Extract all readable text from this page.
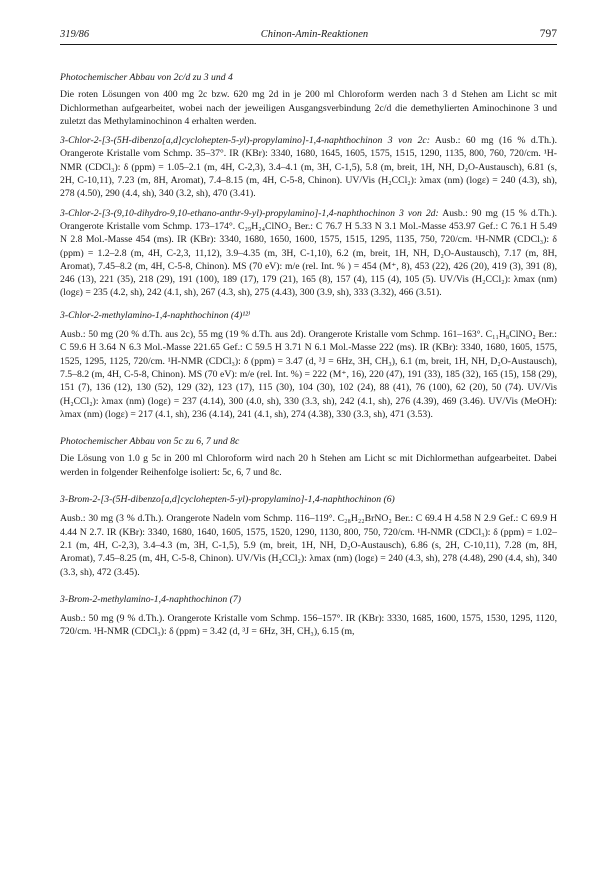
319/86	Chinon-Amin-Reaktionen	797

Photochemischer Abbau von 2c/d zu 3 und 4

Die roten Lösungen von 400 mg 2c bzw. 620 mg 2d in je 200 ml Chloroform werden nach 3 d Stehen am Licht sc mit Dichlormethan aufgearbeitet, wobei nach der jeweiligen Ausgangsverbindung 2c/d die demethylierten Aminochinone 3 und zuletzt das Methylaminochinon 4 erhalten werden.

3-Chlor-2-[3-(5H-dibenzo[a,d]cyclohepten-5-yl)-propylamino]-1,4-naphthochinon 3 von 2c: Ausb.: 60 mg (16 % d.Th.). Orangerote Kristalle vom Schmp. 35–37°. IR (KBr): 3340, 1680, 1645, 1605, 1575, 1515, 1290, 1135, 800, 760, 720/cm. ¹H-NMR (CDCl₃): δ (ppm) = 1.05–2.1 (m, 4H, C-2,3), 3.4–4.1 (m, 3H, C-1,5), 5.8 (m, breit, 1H, NH, D₂O-Austausch), 6.81 (s, 2H, C-10,11), 7.23 (m, 8H, Aromat), 7.4–8.15 (m, 4H, C-5-8, Chinon). UV/Vis (H₂CCl₂): λmax (nm) (logε) = 240 (4.3), sh), 278 (4.50), 290 (4.4, sh), 340 (3.2, sh), 470 (3.41).

3-Chlor-2-[3-(9,10-dihydro-9,10-ethano-anthr-9-yl)-propylamino]-1,4-naphthochinon 3 von 2d: Ausb.: 90 mg (15 % d.Th.). Orangerote Kristalle vom Schmp. 173–174°. C₂₉H₂₄ClNO₂ Ber.: C 76.7 H 5.33 N 3.1 Mol.-Masse 453.97 Gef.: C 76.1 H 5.49 N 2.8 Mol.-Masse 454 (ms). IR (KBr): 3340, 1680, 1650, 1600, 1575, 1515, 1295, 1135, 750, 720/cm. ¹H-NMR (CDCl₃): δ (ppm) = 1.2–2.8 (m, 4H, C-2,3, 11,12), 3.9–4.35 (m, 3H, C-1,10), 6.2 (m, breit, 1H, NH, D₂O-Austausch), 7.17 (m, 8H, Aromat), 7.45–8.2 (m, 4H, C-5-8, Chinon). MS (70 eV): m/e (rel. Int. % ) = 454 (M⁺, 8), 453 (22), 426 (20), 419 (3), 391 (8), 246 (13), 221 (35), 218 (29), 191 (100), 189 (17), 179 (21), 165 (8), 157 (4), 115 (4), 105 (5). UV/Vis (H₂CCl₂): λmax (nm) (logε) = 235 (4.2, sh), 242 (4.1, sh), 267 (4.3, sh), 275 (4.43), 300 (3.9, sh), 333 (3.32), 466 (3.51).

3-Chlor-2-methylamino-1,4-naphthochinon (4)¹²⁾

Ausb.: 50 mg (20 % d.Th. aus 2c), 55 mg (19 % d.Th. aus 2d). Orangerote Kristalle vom Schmp. 161–163°. C₁₁H₈ClNO₂ Ber.: C 59.6 H 3.64 N 6.3 Mol.-Masse 221.65 Gef.: C 59.5 H 3.71 N 6.1 Mol.-Masse 222 (ms). IR (KBr): 3340, 1680, 1605, 1575, 1525, 1295, 1125, 720/cm. ¹H-NMR (CDCl₃): δ (ppm) = 3.47 (d, ³J = 6Hz, 3H, CH₃), 6.1 (m, breit, 1H, NH, D₂O-Austausch), 7.5–8.2 (m, 4H, C-5-8, Chinon). MS (70 eV): m/e (rel. Int. %) = 222 (M⁺, 16), 220 (47), 191 (33), 185 (32), 165 (15), 158 (29), 151 (7), 136 (12), 130 (52), 129 (32), 123 (17), 115 (30), 104 (30), 102 (24), 88 (41), 76 (100), 62 (20), 50 (74). UV/Vis (H₂CCl₂): λmax (nm) (logε) = 237 (4.14), 300 (4.0, sh), 330 (3.3, sh), 242 (4.1, sh), 276 (4.39), 469 (3.46). UV/Vis (MeOH): λmax (nm) (logε) = 217 (4.1, sh), 236 (4.14), 241 (4.1, sh), 274 (4.38), 330 (3.3, sh), 471 (3.53).

Photochemischer Abbau von 5c zu 6, 7 und 8c

Die Lösung von 1.0 g 5c in 200 ml Chloroform wird nach 20 h Stehen am Licht sc mit Dichlormethan aufgearbeitet. Dabei werden in folgender Reihenfolge isoliert: 5c, 6, 7 und 8c.

3-Brom-2-[3-(5H-dibenzo[a,d]cyclohepten-5-yl)-propylamino]-1,4-naphthochinon (6)

Ausb.: 30 mg (3 % d.Th.). Orangerote Nadeln vom Schmp. 116–119°. C₂₈H₂₂BrNO₂ Ber.: C 69.4 H 4.58 N 2.9 Gef.: C 69.9 H 4.44 N 2.7. IR (KBr): 3340, 1680, 1640, 1605, 1575, 1520, 1290, 1130, 800, 750, 720/cm. ¹H-NMR (CDCl₃): δ (ppm) = 1.02–2.1 (m, 4H, C-2,3), 3.4–4.3 (m, 3H, C-1,5), 5.9 (m, breit, 1H, NH, D₂O-Austausch), 6.86 (s, 2H, C-10,11), 7.28 (m, 8H, Aromat), 7.45–8.25 (m, 4H, C-5-8, Chinon). UV/Vis (H₂CCl₂): λmax (nm) (logε) = 240 (4.3, sh), 278 (4.48), 290 (4.4, sh), 340 (3.3, sh), 472 (3.45).

3-Brom-2-methylamino-1,4-naphthochinon (7)

Ausb.: 50 mg (9 % d.Th.). Orangerote Kristalle vom Schmp. 156–157°. IR (KBr): 3330, 1685, 1600, 1575, 1530, 1295, 1120, 720/cm. ¹H-NMR (CDCl₃): δ (ppm) = 3.42 (d, ³J = 6Hz, 3H, CH₃), 6.15 (m,
